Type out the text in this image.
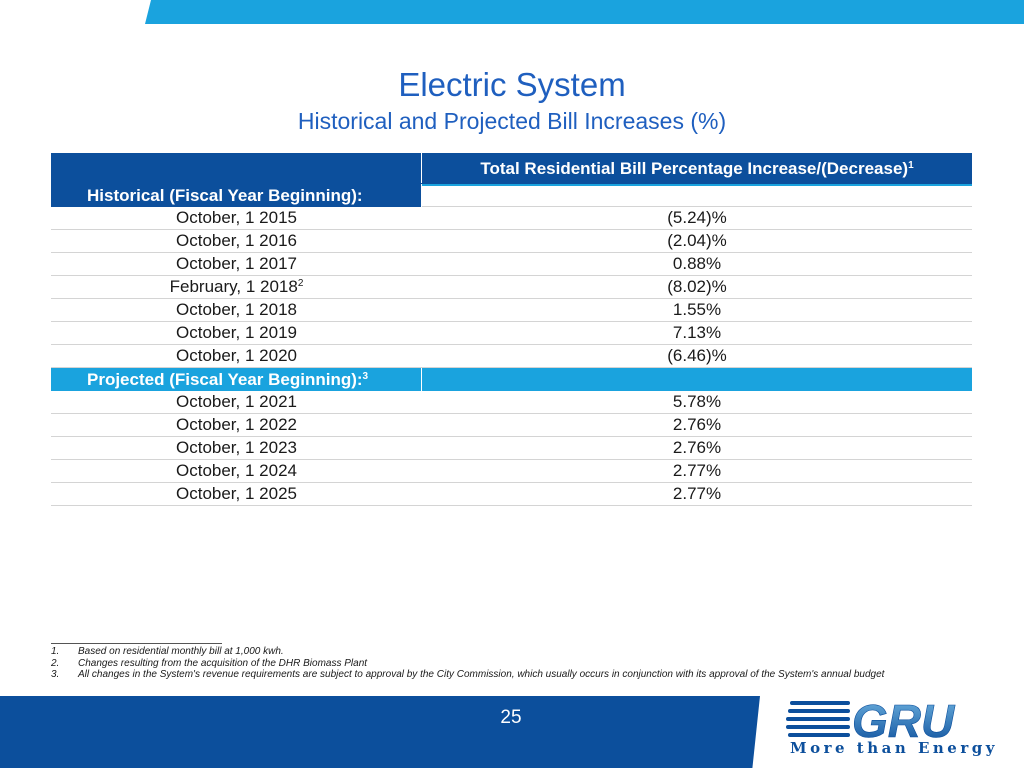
Electric System
Historical and Projected Bill Increases (%)
Total Residential Bill Percentage Increase/(Decrease)$^1$
Historical (Fiscal Year Beginning):
October, 1 2015	(5.24)%
October, 1 2016	(2.04)%
October, 1 2017	0.88%
February, 1 2018$^2$	(8.02)%
October, 1 2018	1.55%
October, 1 2019	7.13%
October, 1 2020	(6.46)%
Projected (Fiscal Year Beginning):$^3$
October, 1 2021	5.78%
October, 1 2022	2.76%
October, 1 2023	2.76%
October, 1 2024	2.77%
October, 1 2025	2.77%
1.	Based on residential monthly bill at 1,000 kwh.
2.	Changes resulting from the acquisition of the DHR Biomass Plant
3.	All changes in the System's revenue requirements are subject to approval by the City Commission, which usually occurs in conjunction with its approval of the System's annual budget
25	GRU
More than Energy
